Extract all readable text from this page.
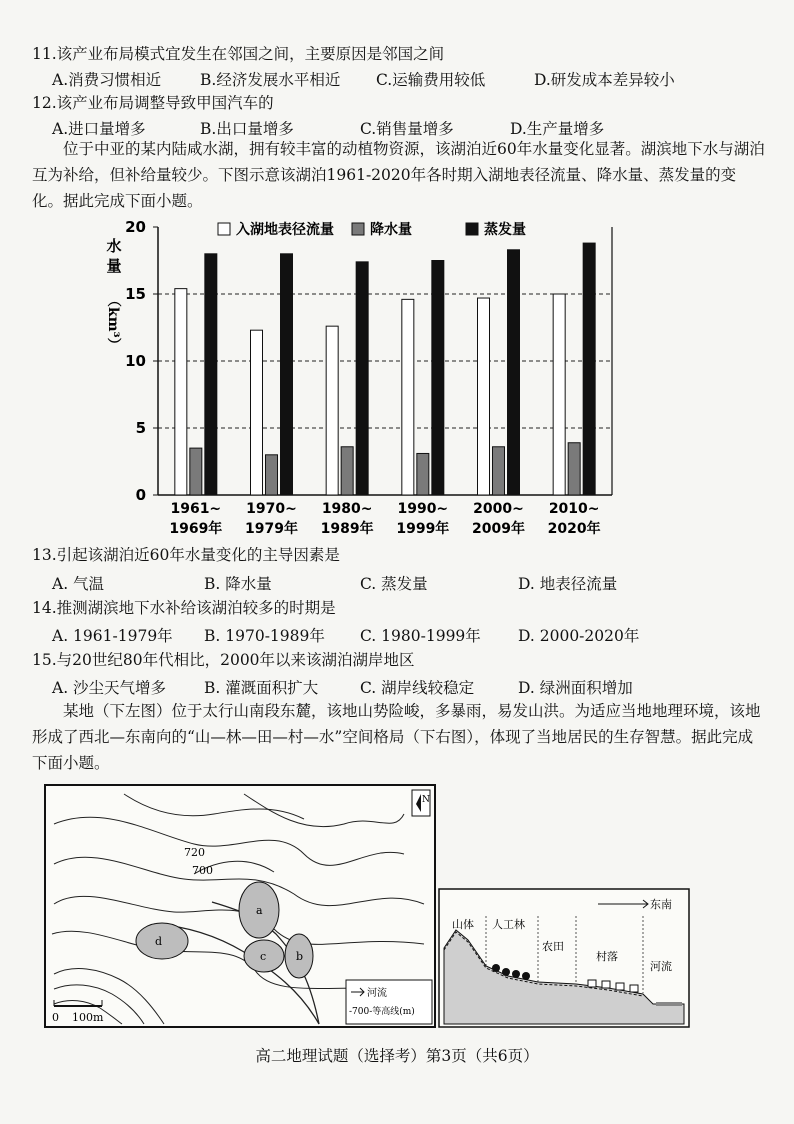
11.该产业布局模式宜发生在邻国之间，主要原因是邻国之间
A.消费习惯相近	B.经济发展水平相近 C.运输费用较低	D.研发成本差异较小
12.该产业布局调整导致甲国汽车的
A.进口量增多	B.出口量增多	C.销售量增多	D.生产量增多
位于中亚的某内陆咸水湖，拥有较丰富的动植物资源，该湖泊近60年水量变化显著。湖滨地下水与湖泊互为补给，但补给量较少。下图示意该湖泊1961-2020年各时期入湖地表径流量、降水量、蒸发量的变化。据此完成下面小题。
0
5
10
15
20
水
量
（km³）
1961~
1969年
1970~
1979年
1980~
1989年
1990~
1999年
2000~
2009年
2010~
2020年
入湖地表径流量	降水量	蒸发量
13.引起该湖泊近60年水量变化的主导因素是
A. 气温	B. 降水量	C. 蒸发量	D. 地表径流量
14.推测湖滨地下水补给该湖泊较多的时期是
A. 1961-1979年 B. 1970-1989年 C. 1980-1999年 D. 2000-2020年
15.与20世纪80年代相比，2000年以来该湖泊湖岸地区
A. 沙尘天气增多 B. 灌溉面积扩大	C. 湖岸线较稳定	D. 绿洲面积增加
某地（下左图）位于太行山南段东麓，该地山势险峻，多暴雨，易发山洪。为适应当地地理环境，该地形成了西北—东南向的“山—林—田—村—水”空间格局（下右图），体现了当地居民的生存智慧。据此完成下面小题。
a
b
c
d
720
700
N
0 100m
河流
-700-等高线(m)
东南
山体 人工林
农田
村落
河流
高二地理试题（选择考）第3页（共6页）
